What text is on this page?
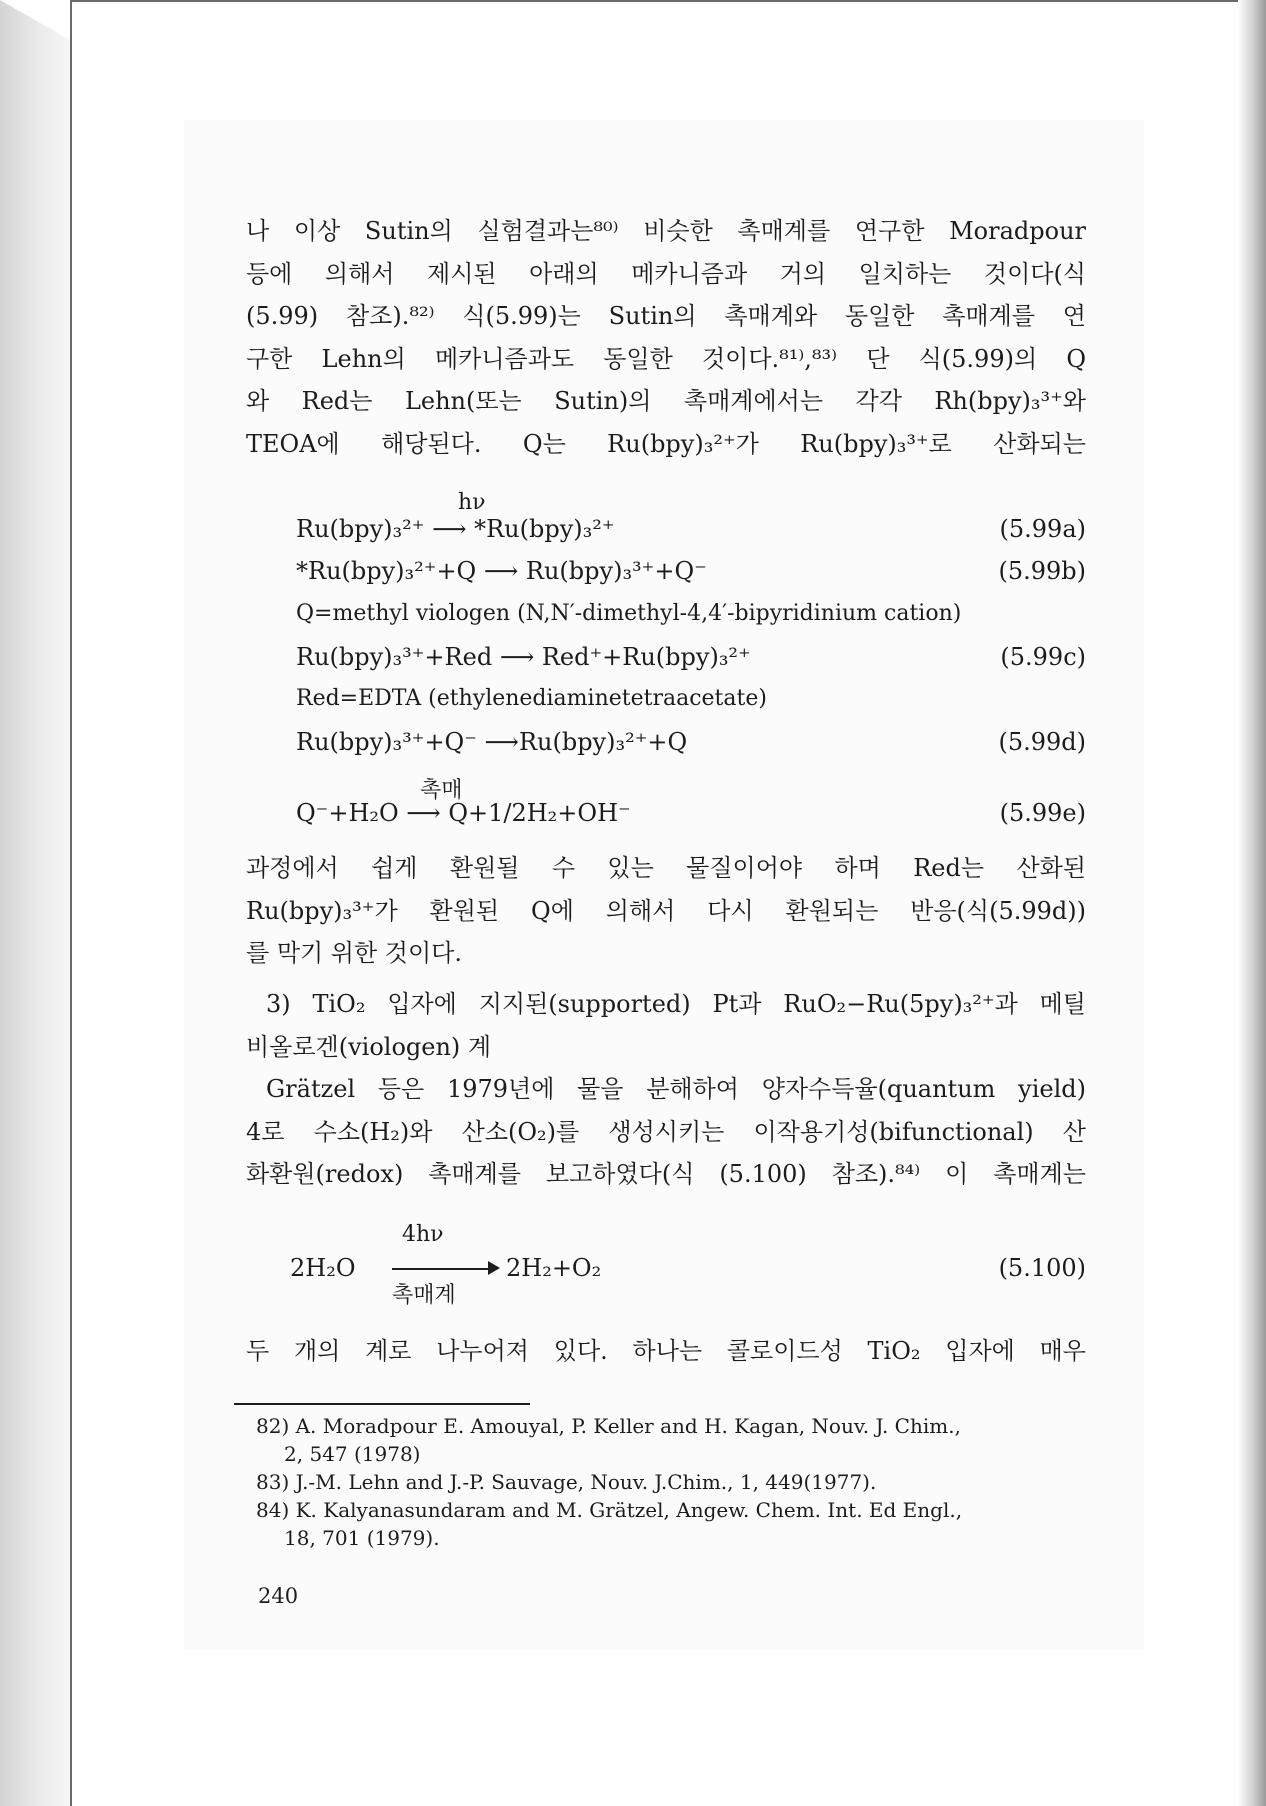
나 이상 Sutin의 실험결과는⁸⁰⁾ 비슷한 촉매계를 연구한 Moradpour
등에 의해서 제시된 아래의 메카니즘과 거의 일치하는 것이다(식
(5.99) 참조).⁸²⁾ 식(5.99)는 Sutin의 촉매계와 동일한 촉매계를 연
구한 Lehn의 메카니즘과도 동일한 것이다.⁸¹⁾,⁸³⁾ 단 식(5.99)의 Q
와 Red는 Lehn(또는 Sutin)의 촉매계에서는 각각 Rh(bpy)₃³⁺와
TEOA에 해당된다. Q는 Ru(bpy)₃²⁺가 Ru(bpy)₃³⁺로 산화되는
hν
Ru(bpy)₃²⁺ ⟶ *Ru(bpy)₃²⁺	(5.99a)
*Ru(bpy)₃²⁺+Q ⟶ Ru(bpy)₃³⁺+Q⁻	(5.99b)
Q=methyl viologen (N,N′-dimethyl-4,4′-bipyridinium cation)
Ru(bpy)₃³⁺+Red ⟶ Red⁺+Ru(bpy)₃²⁺	(5.99c)
Red=EDTA (ethylenediaminetetraacetate)
Ru(bpy)₃³⁺+Q⁻ ⟶Ru(bpy)₃²⁺+Q	(5.99d)
촉매
Q⁻+H₂O ⟶ Q+1/2H₂+OH⁻	(5.99e)
과정에서 쉽게 환원될 수 있는 물질이어야 하며 Red는 산화된
Ru(bpy)₃³⁺가 환원된 Q에 의해서 다시 환원되는 반응(식(5.99d))
를 막기 위한 것이다.
3) TiO₂ 입자에 지지된(supported) Pt과 RuO₂−Ru(5py)₃²⁺과 메틸
비올로겐(viologen) 계
Grätzel 등은 1979년에 물을 분해하여 양자수득율(quantum yield)
4로 수소(H₂)와 산소(O₂)를 생성시키는 이작용기성(bifunctional) 산
화환원(redox) 촉매계를 보고하였다(식 (5.100) 참조).⁸⁴⁾ 이 촉매계는
2H₂O
4hν
촉매계
2H₂+O₂	(5.100)
두 개의 계로 나누어져 있다. 하나는 콜로이드성 TiO₂ 입자에 매우
82) A. Moradpour E. Amouyal, P. Keller and H. Kagan, Nouv. J. Chim.,
2, 547 (1978)
83) J.-M. Lehn and J.-P. Sauvage, Nouv. J.Chim., 1, 449(1977).
84) K. Kalyanasundaram and M. Grätzel, Angew. Chem. Int. Ed Engl.,
18, 701 (1979).
240
